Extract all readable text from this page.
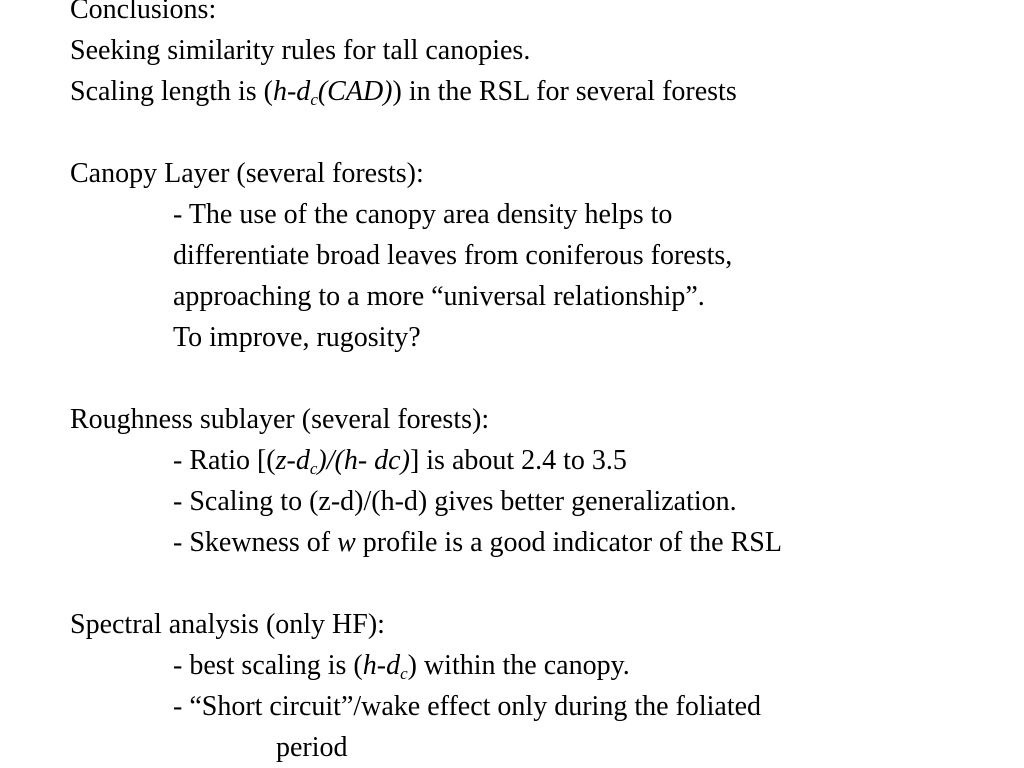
Conclusions:
Seeking similarity rules for tall canopies.
Scaling length is $(h-d_c(CAD))$ in the RSL for several forests
Canopy Layer (several forests):
- The use of the canopy area density helps to
differentiate broad leaves from coniferous forests,
approaching to a more “universal relationship”.
To improve, rugosity?
Roughness sublayer (several forests):
- Ratio [$(z-d_c)/(h-$ dc)] is about 2.4 to 3.5
- Scaling to (z-d)/(h-d) gives better generalization.
- Skewness of w profile is a good indicator of the RSL
Spectral analysis (only HF):
- best scaling is $(h-d_c)$ within the canopy.
- “Short circuit”/wake effect only during the foliated
period
